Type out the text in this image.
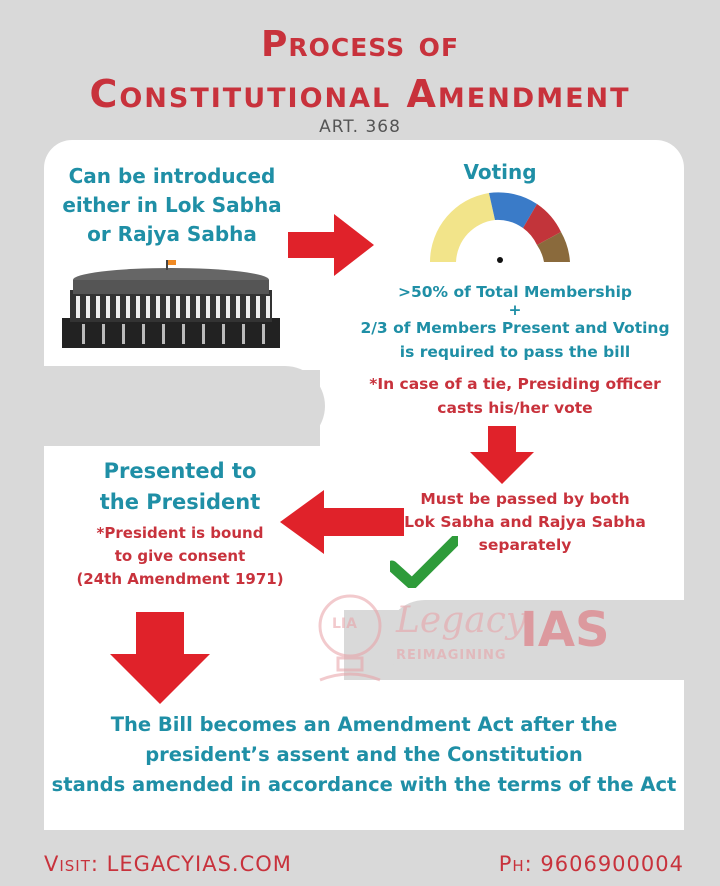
Process of
Constitutional Amendment
ART. 368
Can be introduced
either in Lok Sabha
or Rajya Sabha
Voting
>50% of Total Membership
+
2/3 of Members Present and Voting
is required to pass the bill
*In case of a tie, Presiding officer
casts his/her vote
Must be passed by both
Lok Sabha and Rajya Sabha
separately
Presented to
the President
*President is bound
to give consent
(24th Amendment 1971)
LIA Legacy
IAS
REIMAGINING
The Bill becomes an Amendment Act after the
president’s assent and the Constitution
stands amended in accordance with the terms of the Act
Visit: LEGACYIAS.COM	Ph: 9606900004
